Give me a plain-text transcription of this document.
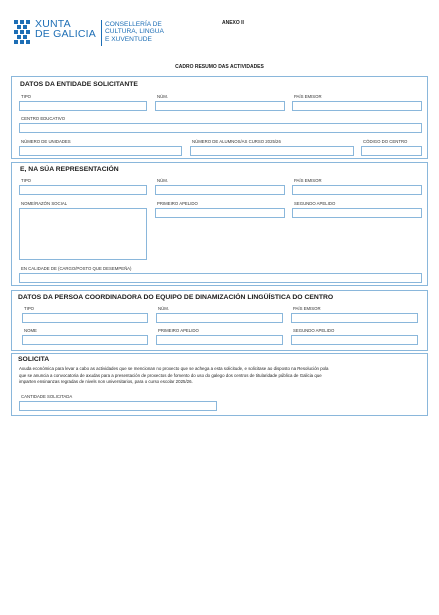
XUNTA
DE GALICIA
CONSELLERÍA DE
CULTURA, LINGUA
E XUVENTUDE
ANEXO II
CADRO RESUMO DAS ACTIVIDADES
DATOS DA ENTIDADE SOLICITANTE
TIPO	NÚM.	PAÍS EMISOR
CENTRO EDUCATIVO
NÚMERO DE UNIDADES	NÚMERO DE ALUMNOS/AS CURSO 2025/26	CÓDIGO DO CENTRO
E, NA SÚA REPRESENTACIÓN
TIPO	NÚM.	PAÍS EMISOR
NOME/RAZÓN SOCIAL	PRIMEIRO APELIDO	SEGUNDO APELIDO
EN CALIDADE DE (CARGO/POSTO QUE DESEMPEÑA)
DATOS DA PERSOA COORDINADORA DO EQUIPO DE DINAMIZACIÓN LINGÜÍSTICA DO CENTRO
TIPO	NÚM.	PAÍS EMISOR
NOME	PRIMEIRO APELIDO	SEGUNDO APELIDO
SOLICITA
Axuda económica para levar a cabo as actividades que se mencionan no proxecto que se achega a esta solicitude, e solicitase ao disposto na Resolución pola
que se anuncia a convocatoria de axudas para a presentación de proxectos de fomento do uso do galego dos centros de titularidade pública de Galicia que
imparten ensinanzas regradas de nivels non universitarios, para o curso escolar 2025/26.
CANTIDADE SOLICITADA
